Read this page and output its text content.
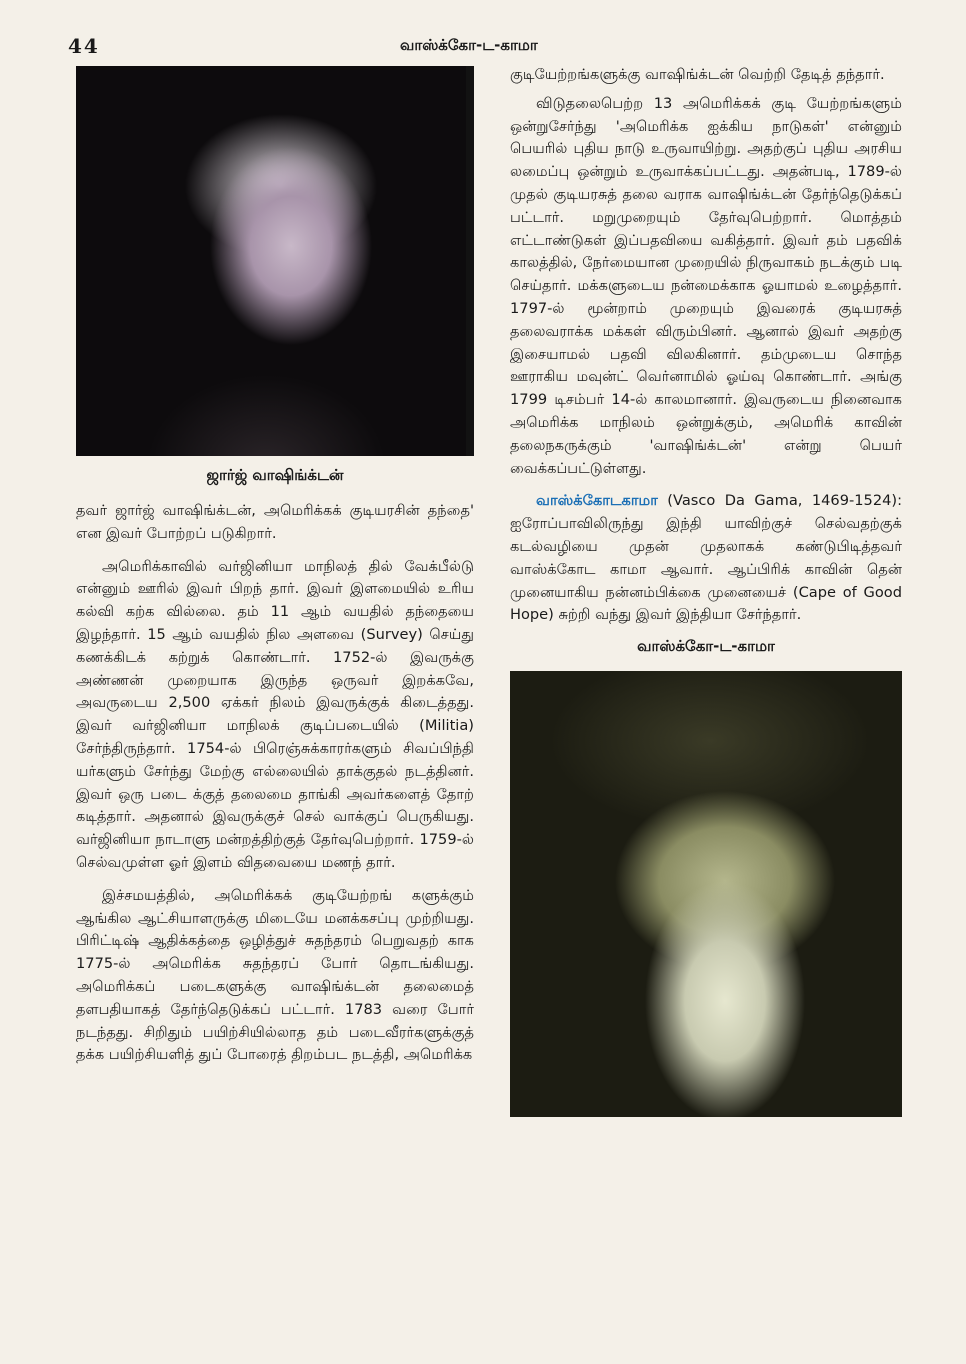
44	வாஸ்க்கோ-ட-காமா
ஜார்ஜ் வாஷிங்க்டன்

தவர் ஜார்ஜ் வாஷிங்க்டன், அமெரிக்கக் குடியரசின் தந்தை' என இவர் போற்றப் படுகிறார்.

அமெரிக்காவில் வர்ஜினியா மாநிலத் தில் வேக்பீல்டு என்னும் ஊரில் இவர் பிறந் தார். இவர் இளமையில் உரிய கல்வி கற்க வில்லை. தம் 11 ஆம் வயதில் தந்தையை இழந்தார். 15 ஆம் வயதில் நில அளவை (Survey) செய்து கணக்கிடக் கற்றுக் கொண்டார். 1752-ல் இவருக்கு அண்ணன் முறையாக இருந்த ஒருவர் இறக்கவே, அவருடைய 2,500 ஏக்கர் நிலம் இவருக்குக் கிடைத்தது. இவர் வர்ஜினியா மாநிலக் குடிப்படையில் (Militia) சேர்ந்திருந்தார். 1754-ல் பிரெஞ்சுக்காரர்களும் சிவப்பிந்தி யர்களும் சேர்ந்து மேற்கு எல்லையில் தாக்குதல் நடத்தினர். இவர் ஒரு படை க்குத் தலைமை தாங்கி அவர்களைத் தோற் கடித்தார். அதனால் இவருக்குச் செல் வாக்குப் பெருகியது. வர்ஜினியா நாடாளு மன்றத்திற்குத் தேர்வுபெற்றார். 1759-ல் செல்வமுள்ள ஓர் இளம் விதவையை மணந் தார்.

இச்சமயத்தில், அமெரிக்கக் குடியேற்றங் களுக்கும் ஆங்கில ஆட்சியாளருக்கு மிடையே மனக்கசப்பு முற்றியது. பிரிட்டிஷ் ஆதிக்கத்தை ஒழித்துச் சுதந்தரம் பெறுவதற் காக 1775-ல் அமெரிக்க சுதந்தரப் போர் தொடங்கியது. அமெரிக்கப் படைகளுக்கு வாஷிங்க்டன் தலைமைத் தளபதியாகத் தேர்ந்தெடுக்கப் பட்டார். 1783 வரை போர் நடந்தது. சிறிதும் பயிற்சியில்லாத தம் படைவீரர்களுக்குத் தக்க பயிற்சியளித் துப் போரைத் திறம்பட நடத்தி, அமெரிக்க

குடியேற்றங்களுக்கு வாஷிங்க்டன் வெற்றி தேடித் தந்தார்.

விடுதலைபெற்ற 13 அமெரிக்கக் குடி யேற்றங்களும் ஒன்றுசேர்ந்து 'அமெரிக்க ஐக்கிய நாடுகள்' என்னும் பெயரில் புதிய நாடு உருவாயிற்று. அதற்குப் புதிய அரசிய லமைப்பு ஒன்றும் உருவாக்கப்பட்டது. அதன்படி, 1789-ல் முதல் குடியரசுத் தலை வராக வாஷிங்க்டன் தேர்ந்தெடுக்கப் பட்டார். மறுமுறையும் தேர்வுபெற்றார். மொத்தம் எட்டாண்டுகள் இப்பதவியை வகித்தார். இவர் தம் பதவிக் காலத்தில், நேர்மையான முறையில் நிருவாகம் நடக்கும் படி செய்தார். மக்களுடைய நன்மைக்காக ஓயாமல் உழைத்தார். 1797-ல் மூன்றாம் முறையும் இவரைக் குடியரசுத் தலைவராக்க மக்கள் விரும்பினர். ஆனால் இவர் அதற்கு இசையாமல் பதவி விலகினார். தம்முடைய சொந்த ஊராகிய மவுன்ட் வெர்னாமில் ஓய்வு கொண்டார். அங்கு 1799 டிசம்பர் 14-ல் காலமானார். இவருடைய நினைவாக அமெரிக்க மாநிலம் ஒன்றுக்கும், அமெரிக் காவின் தலைநகருக்கும் 'வாஷிங்க்டன்' என்று பெயர் வைக்கப்பட்டுள்ளது.

வாஸ்க்கோடகாமா (Vasco Da Gama, 1469-1524): ஐரோப்பாவிலிருந்து இந்தி யாவிற்குச் செல்வதற்குக் கடல்வழியை முதன் முதலாகக் கண்டுபிடித்தவர் வாஸ்க்கோட காமா ஆவார். ஆப்பிரிக் காவின் தென் முனையாகிய நன்னம்பிக்கை முனையைச் (Cape of Good Hope) சுற்றி வந்து இவர் இந்தியா சேர்ந்தார்.

வாஸ்க்கோ-ட-காமா
